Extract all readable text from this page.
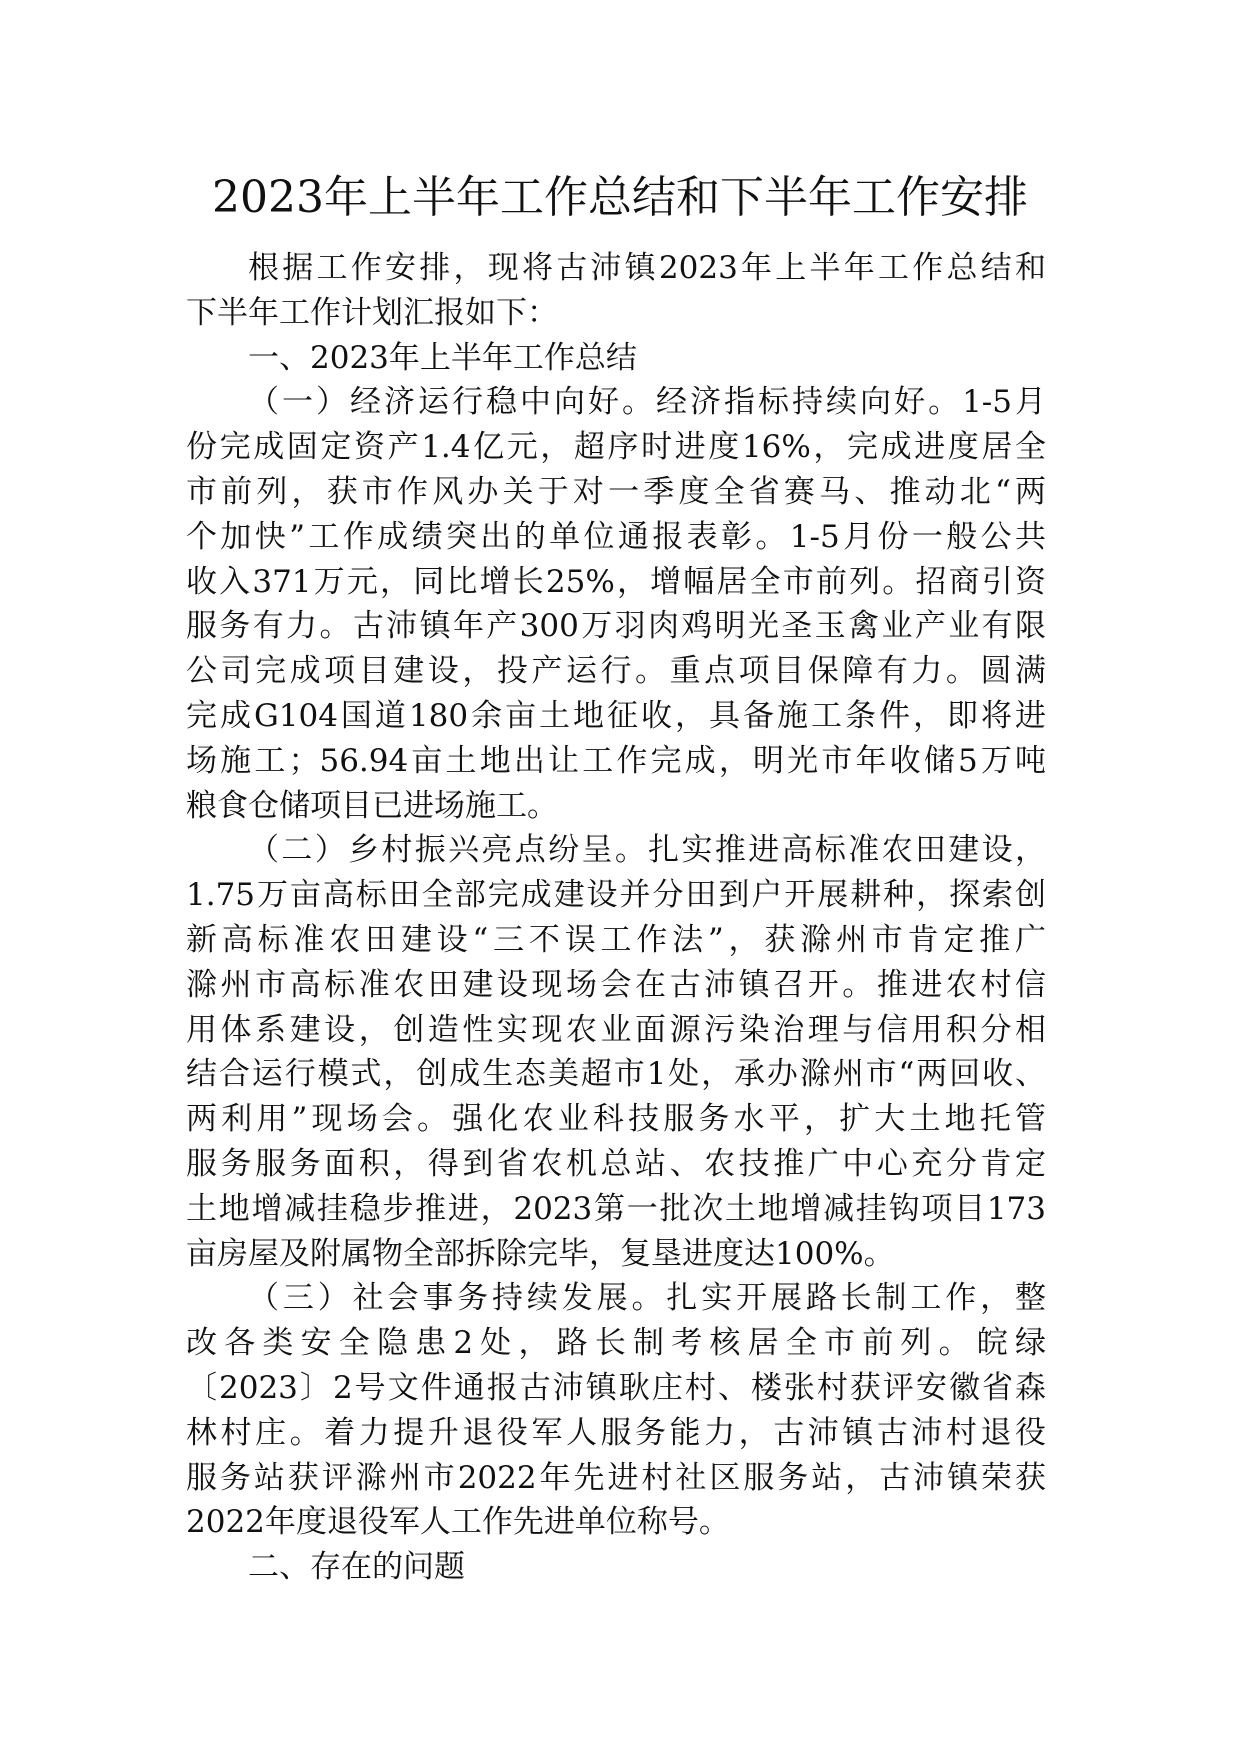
2023年上半年工作总结和下半年工作安排

根据工作安排，现将古沛镇2023年上半年工作总结和
下半年工作计划汇报如下：

一、2023年上半年工作总结

（一）经济运行稳中向好。经济指标持续向好。1-5月
份完成固定资产1.4亿元，超序时进度16%，完成进度居全
市前列，获市作风办关于对一季度全省赛马、推动北“两
个加快”工作成绩突出的单位通报表彰。1-5月份一般公共
收入371万元，同比增长25%，增幅居全市前列。招商引资
服务有力。古沛镇年产300万羽肉鸡明光圣玉禽业产业有限
公司完成项目建设，投产运行。重点项目保障有力。圆满
完成G104国道180余亩土地征收，具备施工条件，即将进
场施工；56.94亩土地出让工作完成，明光市年收储5万吨
粮食仓储项目已进场施工。

（二）乡村振兴亮点纷呈。扎实推进高标准农田建设，
1.75万亩高标田全部完成建设并分田到户开展耕种，探索创
新高标准农田建设“三不误工作法”，获滁州市肯定推广
滁州市高标准农田建设现场会在古沛镇召开。推进农村信
用体系建设，创造性实现农业面源污染治理与信用积分相
结合运行模式，创成生态美超市1处，承办滁州市“两回收、
两利用”现场会。强化农业科技服务水平，扩大土地托管
服务服务面积，得到省农机总站、农技推广中心充分肯定
土地增减挂稳步推进，2023第一批次土地增减挂钩项目173
亩房屋及附属物全部拆除完毕，复垦进度达100%。

（三）社会事务持续发展。扎实开展路长制工作，整
改各类安全隐患2处，路长制考核居全市前列。皖绿
〔2023〕2号文件通报古沛镇耿庄村、楼张村获评安徽省森
林村庄。着力提升退役军人服务能力，古沛镇古沛村退役
服务站获评滁州市2022年先进村社区服务站，古沛镇荣获
2022年度退役军人工作先进单位称号。

二、存在的问题
